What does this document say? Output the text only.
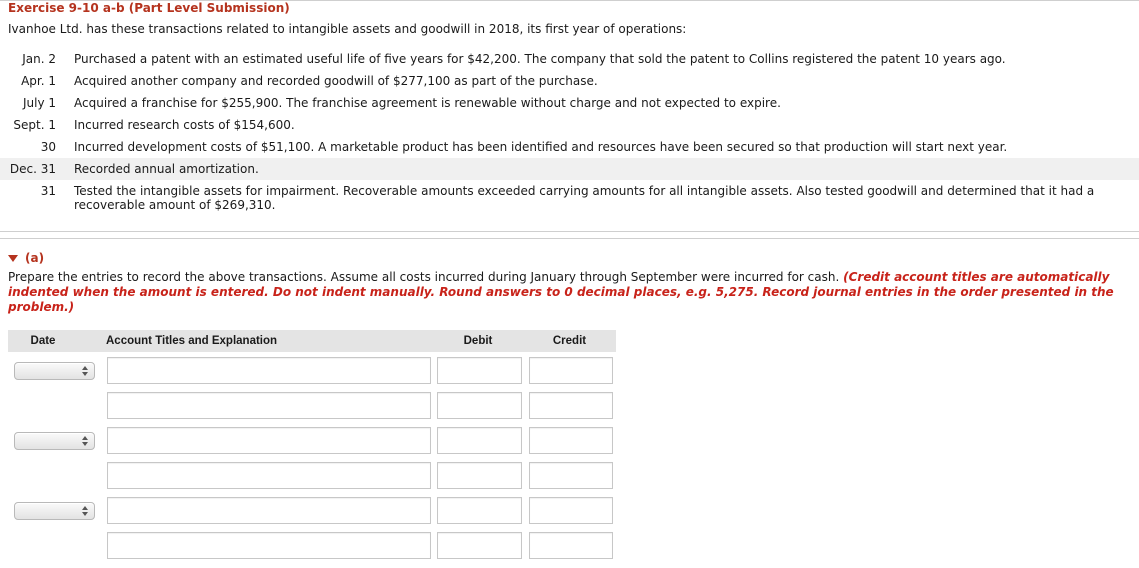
Exercise 9-10 a-b (Part Level Submission)
Ivanhoe Ltd. has these transactions related to intangible assets and goodwill in 2018, its first year of operations:
Jan. 2 Purchased a patent with an estimated useful life of five years for $42,200. The company that sold the patent to Collins registered the patent 10 years ago.
Apr. 1 Acquired another company and recorded goodwill of $277,100 as part of the purchase.
July 1 Acquired a franchise for $255,900. The franchise agreement is renewable without charge and not expected to expire.
Sept. 1 Incurred research costs of $154,600.
30 Incurred development costs of $51,100. A marketable product has been identified and resources have been secured so that production will start next year.
Dec. 31 Recorded annual amortization.
31 Tested the intangible assets for impairment. Recoverable amounts exceeded carrying amounts for all intangible assets. Also tested goodwill and determined that it had a recoverable amount of $269,310.
(a)
Prepare the entries to record the above transactions. Assume all costs incurred during January through September were incurred for cash. (Credit account titles are automatically indented when the amount is entered. Do not indent manually. Round answers to 0 decimal places, e.g. 5,275. Record journal entries in the order presented in the problem.)
Date	Account Titles and Explanation	Debit	Credit
